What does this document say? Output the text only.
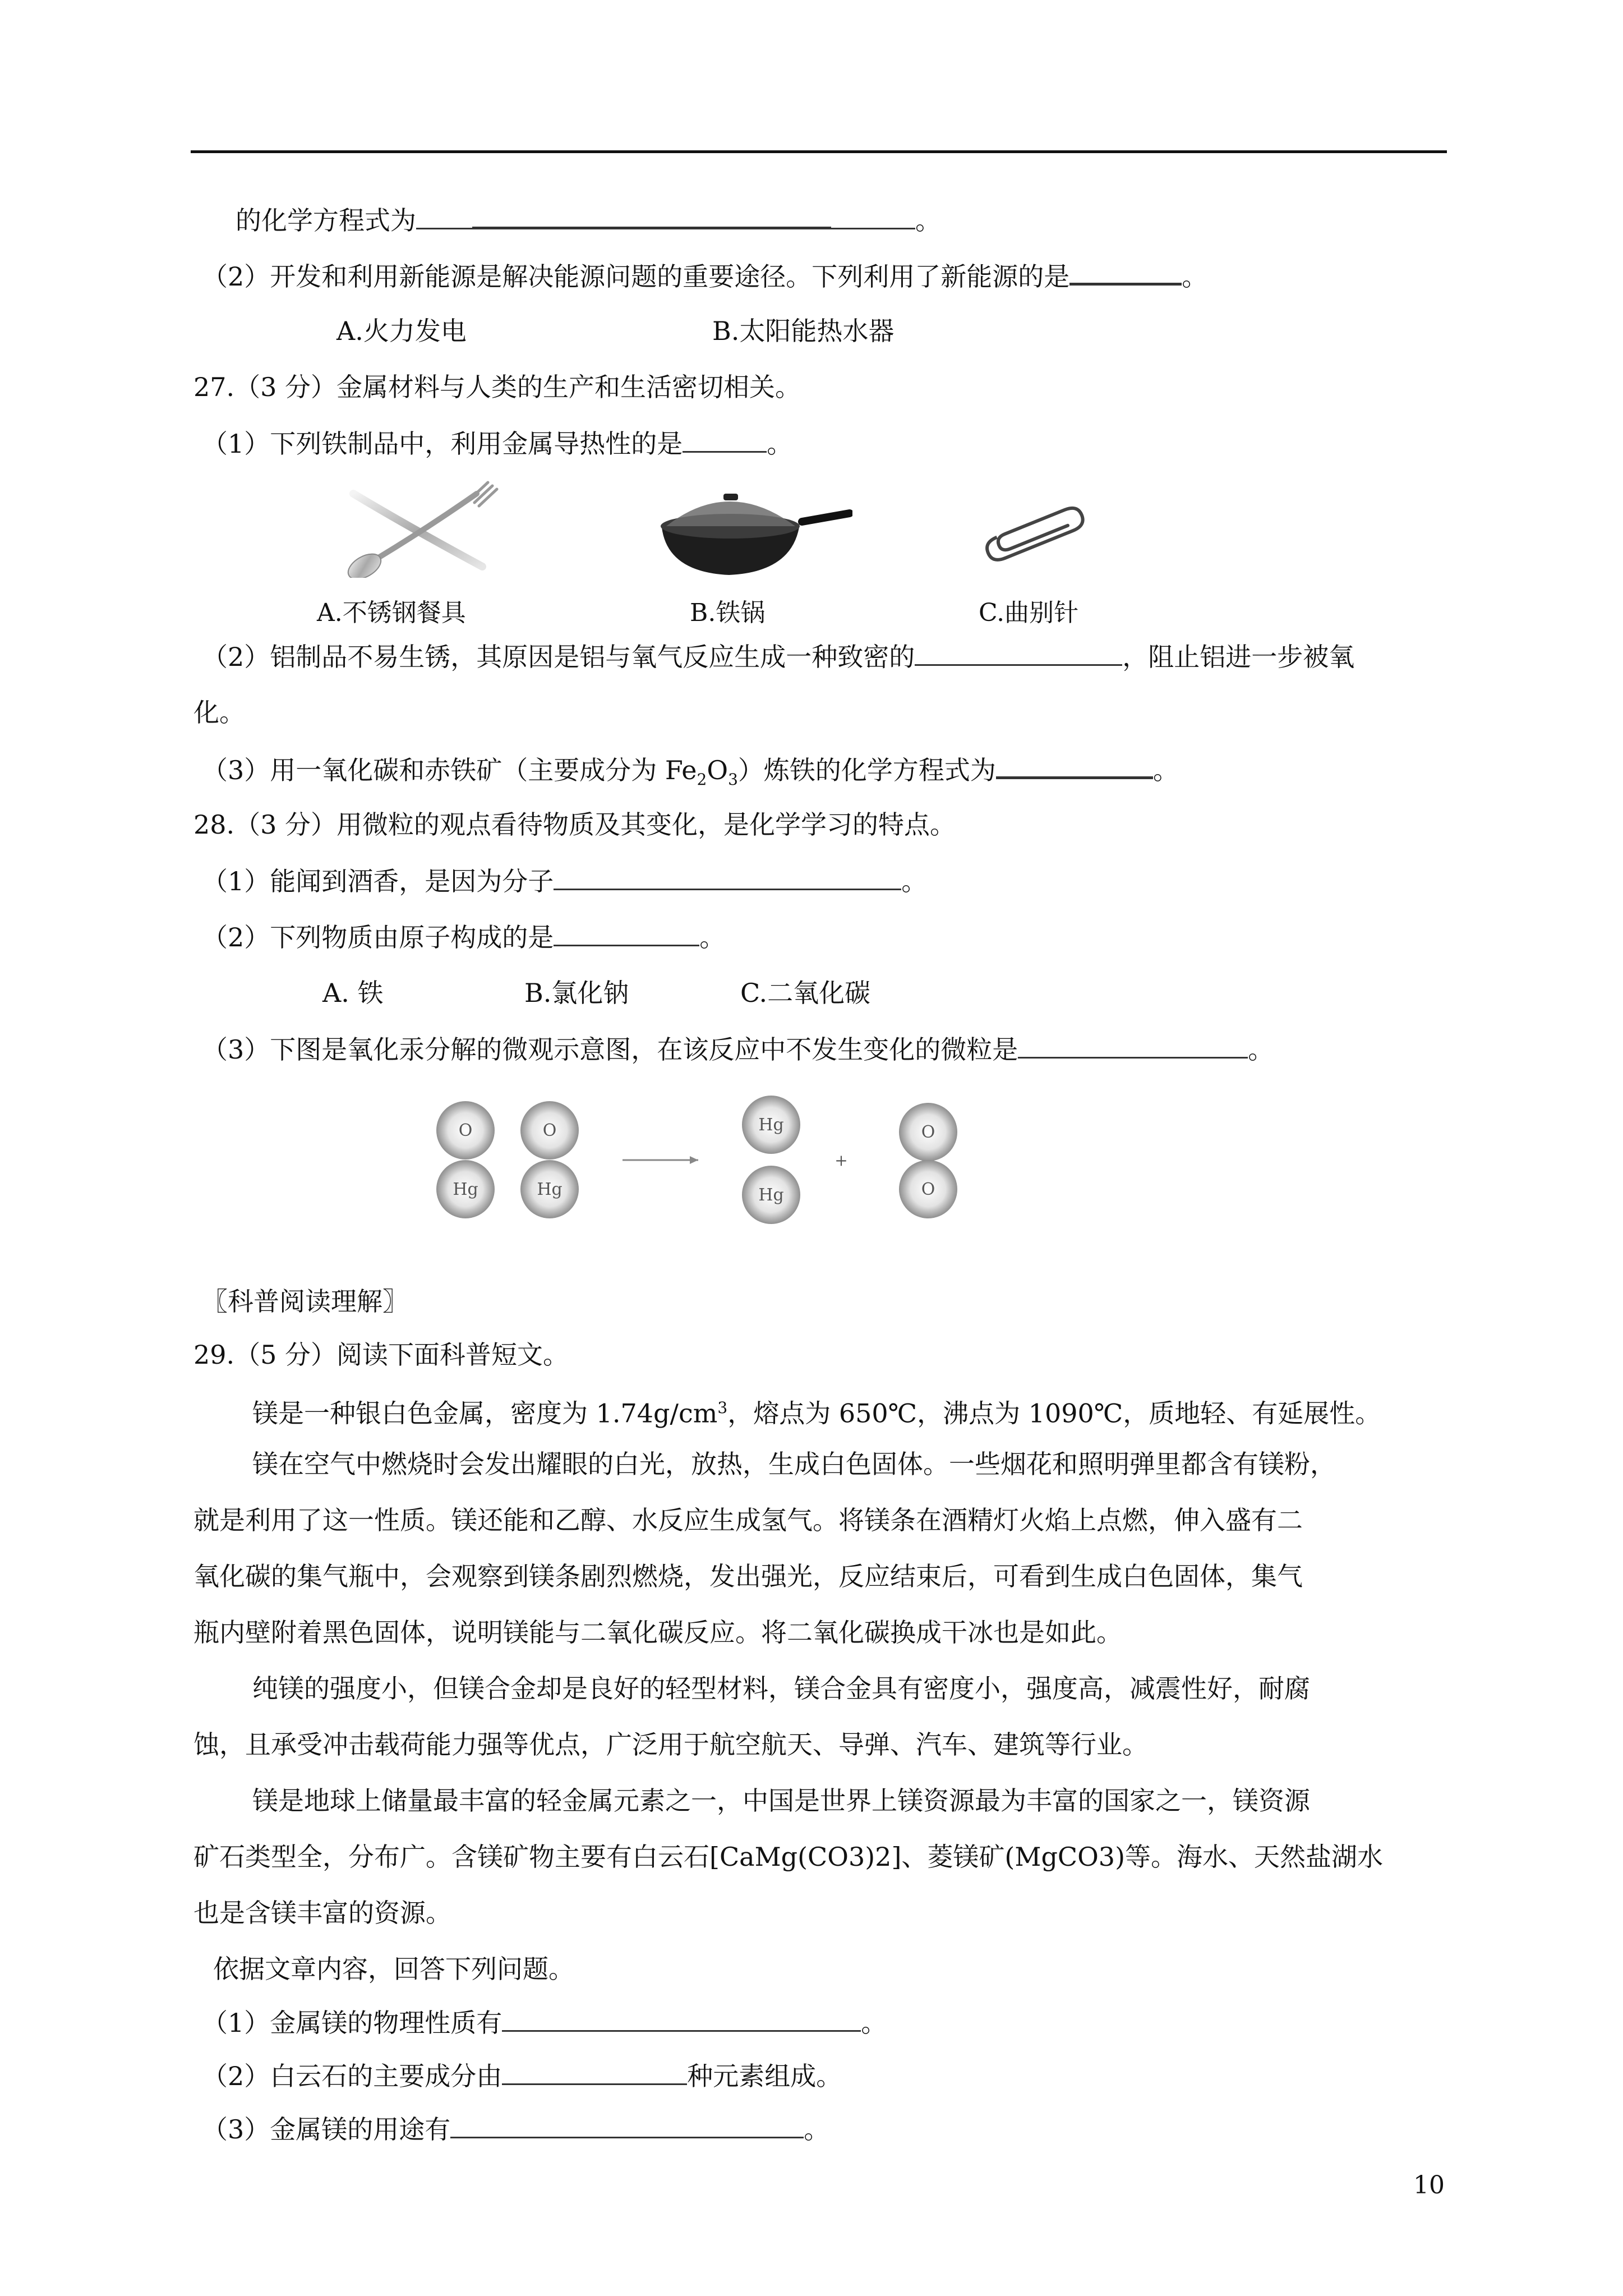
的化学方程式为	。
（2）开发和利用新能源是解决能源问题的重要途径。下列利用了新能源的是	。
A.火力发电	B.太阳能热水器
27.（3 分）金属材料与人类的生产和生活密切相关。
（1）下列铁制品中，利用金属导热性的是	。
A.不锈钢餐具	B.铁锅	C.曲别针
（2）铝制品不易生锈，其原因是铝与氧气反应生成一种致密的	，阻止铝进一步被氧
化。
（3）用一氧化碳和赤铁矿（主要成分为 $Fe_2O_3$）炼铁的化学方程式为	。
28.（3 分）用微粒的观点看待物质及其变化，是化学学习的特点。
（1）能闻到酒香，是因为分子	。
（2）下列物质由原子构成的是	。
A. 铁	B.氯化钠	C.二氧化碳
（3）下图是氧化汞分解的微观示意图，在该反应中不发生变化的微粒是	。
O
Hg
O
Hg
Hg
Hg
+
O
O
〖科普阅读理解〗
29.（5 分）阅读下面科普短文。
镁是一种银白色金属，密度为 $1.74g/cm^3$，熔点为 650℃，沸点为 1090℃，质地轻、有延展性。
镁在空气中燃烧时会发出耀眼的白光，放热，生成白色固体。一些烟花和照明弹里都含有镁粉，
就是利用了这一性质。镁还能和乙醇、水反应生成氢气。将镁条在酒精灯火焰上点燃，伸入盛有二
氧化碳的集气瓶中，会观察到镁条剧烈燃烧，发出强光，反应结束后，可看到生成白色固体，集气
瓶内壁附着黑色固体，说明镁能与二氧化碳反应。将二氧化碳换成干冰也是如此。
纯镁的强度小，但镁合金却是良好的轻型材料，镁合金具有密度小，强度高，减震性好，耐腐
蚀，且承受冲击载荷能力强等优点，广泛用于航空航天、导弹、汽车、建筑等行业。
镁是地球上储量最丰富的轻金属元素之一，中国是世界上镁资源最为丰富的国家之一，镁资源
矿石类型全，分布广。含镁矿物主要有白云石[CaMg(CO3)2]、菱镁矿(MgCO3)等。海水、天然盐湖水
也是含镁丰富的资源。
依据文章内容，回答下列问题。
（1）金属镁的物理性质有	。
（2）白云石的主要成分由	种元素组成。
（3）金属镁的用途有	。
10
